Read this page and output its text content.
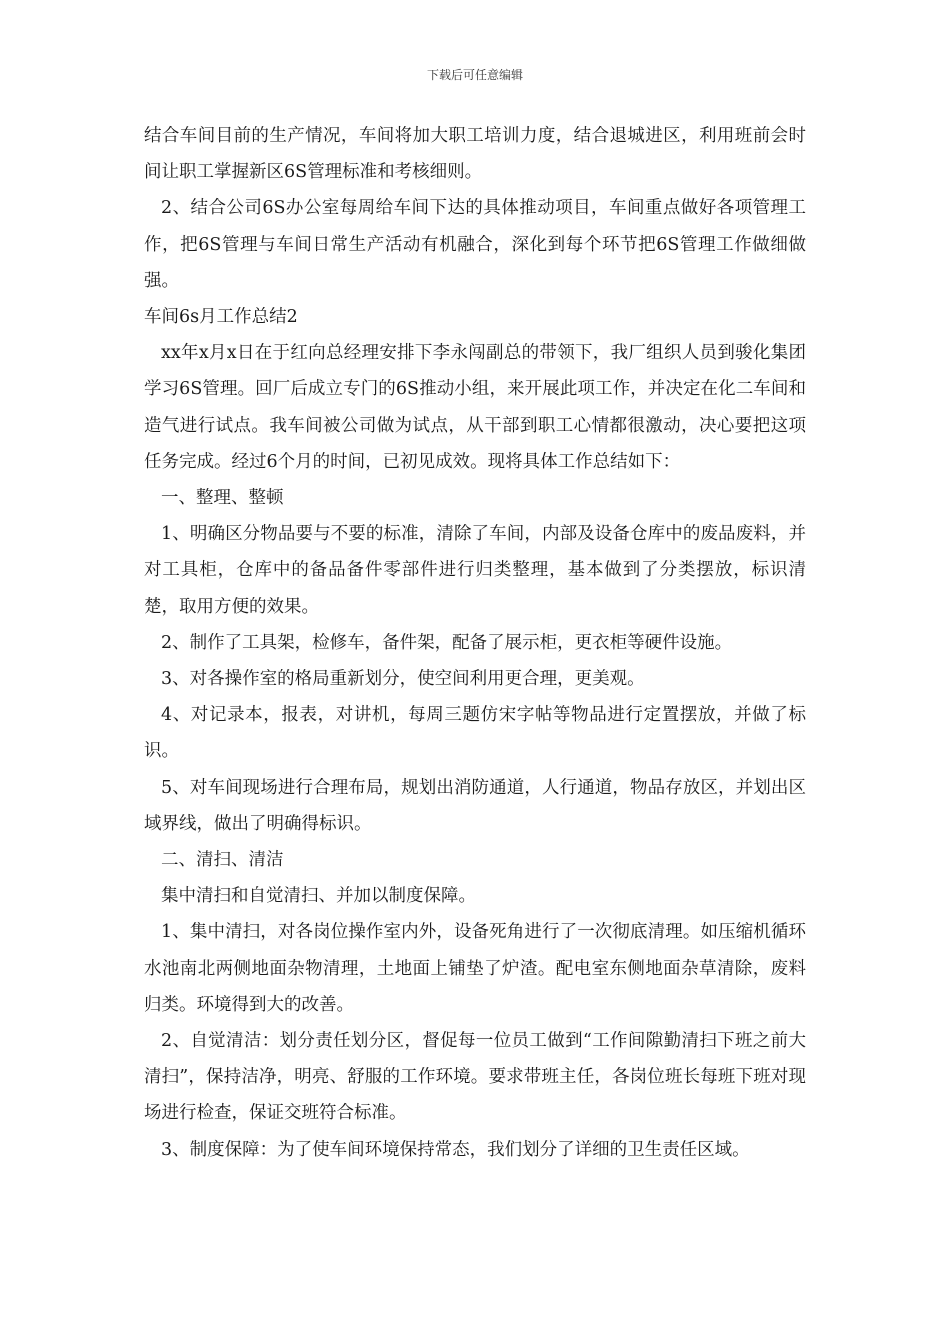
下载后可任意编辑

结合车间目前的生产情况，车间将加大职工培训力度，结合退城进区，利用班前会时间让职工掌握新区6S管理标准和考核细则。

2、结合公司6S办公室每周给车间下达的具体推动项目，车间重点做好各项管理工作，把6S管理与车间日常生产活动有机融合，深化到每个环节把6S管理工作做细做强。

车间6s月工作总结2

xx年x月x日在于红向总经理安排下李永闯副总的带领下，我厂组织人员到骏化集团学习6S管理。回厂后成立专门的6S推动小组，来开展此项工作，并决定在化二车间和造气进行试点。我车间被公司做为试点，从干部到职工心情都很激动，决心要把这项任务完成。经过6个月的时间，已初见成效。现将具体工作总结如下：

一、整理、整顿

1、明确区分物品要与不要的标准，清除了车间，内部及设备仓库中的废品废料，并对工具柜，仓库中的备品备件零部件进行归类整理，基本做到了分类摆放，标识清楚，取用方便的效果。

2、制作了工具架，检修车，备件架，配备了展示柜，更衣柜等硬件设施。

3、对各操作室的格局重新划分，使空间利用更合理，更美观。

4、对记录本，报表，对讲机，每周三题仿宋字帖等物品进行定置摆放，并做了标识。

5、对车间现场进行合理布局，规划出消防通道，人行通道，物品存放区，并划出区域界线，做出了明确得标识。

二、清扫、清洁

集中清扫和自觉清扫、并加以制度保障。

1、集中清扫，对各岗位操作室内外，设备死角进行了一次彻底清理。如压缩机循环水池南北两侧地面杂物清理，土地面上铺垫了炉渣。配电室东侧地面杂草清除，废料归类。环境得到大的改善。

2、自觉清洁：划分责任划分区，督促每一位员工做到“工作间隙勤清扫下班之前大清扫”，保持洁净，明亮、舒服的工作环境。要求带班主任，各岗位班长每班下班对现场进行检查，保证交班符合标准。

3、制度保障：为了使车间环境保持常态，我们划分了详细的卫生责任区域。
